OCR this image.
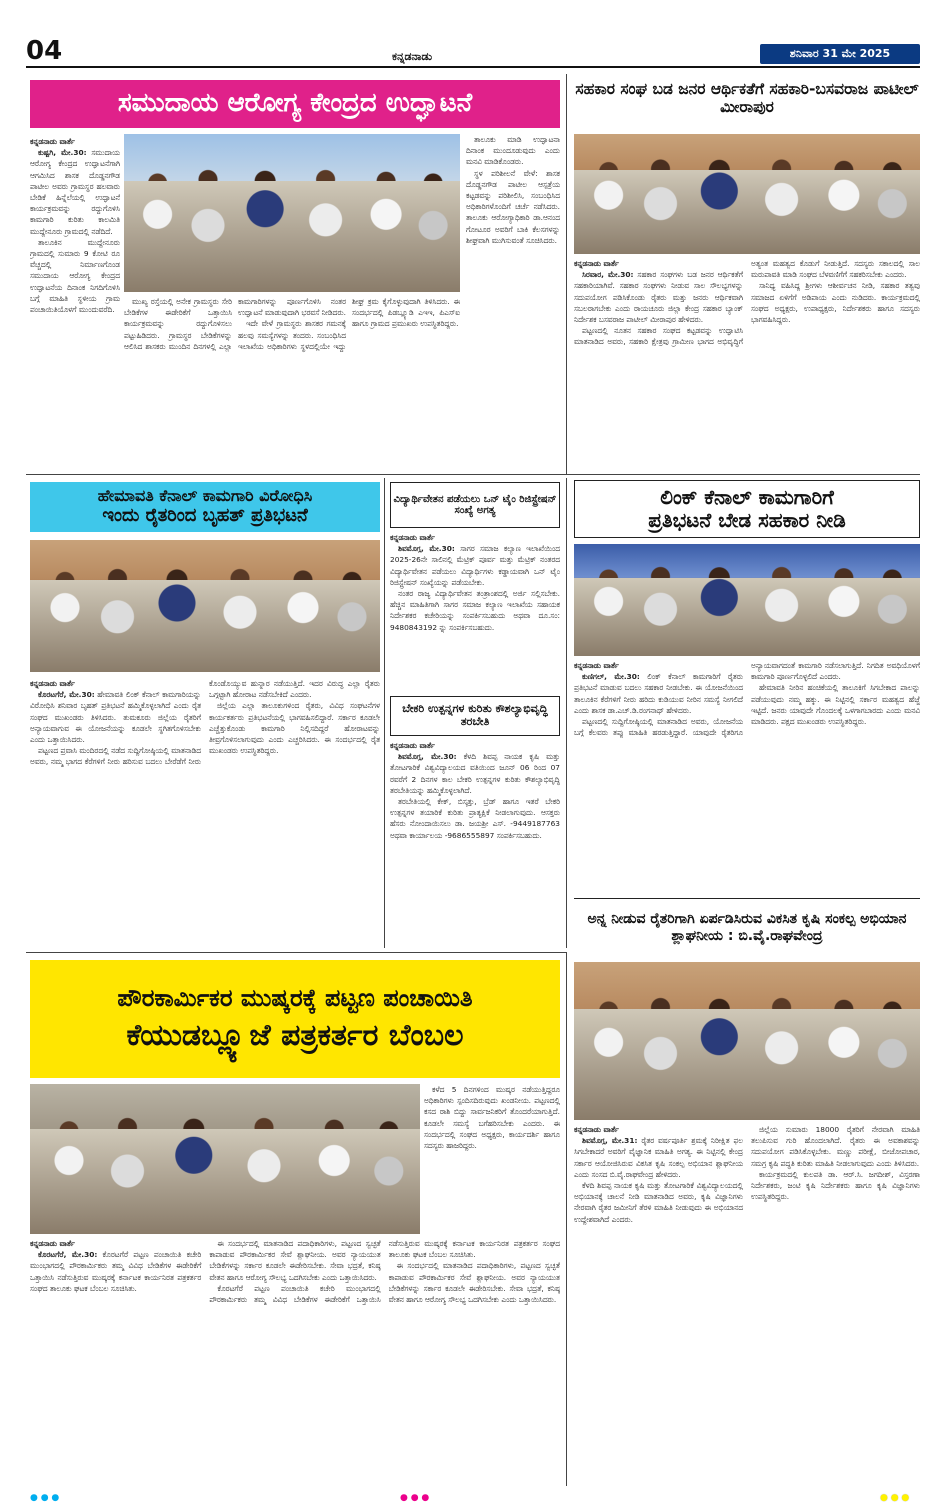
04	ಕನ್ನಡನಾಡು	ಶನಿವಾರ 31 ಮೇ 2025
ಸಮುದಾಯ ಆರೋಗ್ಯ ಕೇಂದ್ರದ ಉದ್ಘಾಟನೆ
ಕನ್ನಡನಾಡು ವಾರ್ತೆ

ಕುಷ್ಟಗಿ, ಮೇ.30: ಸಮುದಾಯ ಆರೋಗ್ಯ ಕೇಂದ್ರದ ಉದ್ಘಾಟನೆಗಾಗಿ ಆಗಮಿಸಿದ ಶಾಸಕ ದೊಡ್ಡನಗೌಡ ಪಾಟೀಲ ಅವರು ಗ್ರಾಮಸ್ಥರ ಹಲವಾರು ಬೇಡಿಕೆ ಹಿನ್ನೆಲೆಯಲ್ಲಿ ಉದ್ಘಾಟನೆ ಕಾರ್ಯಕ್ರಮವನ್ನು ರದ್ದುಗೊಳಿಸಿ ಕಾಮಗಾರಿ ಕುರಿತು ಕಾಲಮಿತಿ ಮುದ್ದೇನೂರು ಗ್ರಾಮದಲ್ಲಿ ನಡೆದಿದೆ.

ತಾಲೂಕಿನ ಮುದ್ದೇನೂರು ಗ್ರಾಮದಲ್ಲಿ ಸುಮಾರು 9 ಕೋಟಿ ರೂ ವೆಚ್ಚದಲ್ಲಿ ನಿರ್ಮಾಣಗೊಂಡ ಸಮುದಾಯ ಆರೋಗ್ಯ ಕೇಂದ್ರದ ಉದ್ಘಾಟನೆಯ ದಿನಾಂಕ ನಿಗದಿಗೊಳಿಸಿ ಬಗ್ಗೆ ಮಾಹಿತಿ ಸ್ಥಳೀಯ ಗ್ರಾಮ ಪಂಚಾಯಿತಿಯೊಳಗೆ ಮುಂದುವರೆದಿ.

ಮುಖ್ಯ ರಸ್ತೆಯಲ್ಲಿ ಅನೇಕ ಗ್ರಾಮಸ್ಥರು ಸೇರಿ ಬೇಡಿಕೆಗಳ ಈಡೇರಿಕೆಗೆ ಒತ್ತಾಯಿಸಿ ಕಾರ್ಯಕ್ರಮವನ್ನು ರದ್ದುಗೊಳಿಸಲು ಪಟ್ಟುಹಿಡಿದರು. ಗ್ರಾಮಸ್ಥರ ಬೇಡಿಕೆಗಳನ್ನು ಆಲಿಸಿದ ಶಾಸಕರು ಮುಂದಿನ ದಿನಗಳಲ್ಲಿ ಎಲ್ಲಾ ಕಾಮಗಾರಿಗಳನ್ನು ಪೂರ್ಣಗೊಳಿಸಿ ನಂತರ ಉದ್ಘಾಟನೆ ಮಾಡುವುದಾಗಿ ಭರವಸೆ ನೀಡಿದರು.

ಇದೇ ವೇಳೆ ಗ್ರಾಮಸ್ಥರು ಶಾಸಕರ ಗಮನಕ್ಕೆ ಹಲವು ಸಮಸ್ಯೆಗಳನ್ನು ತಂದರು. ಸಂಬಂಧಿಸಿದ ಇಲಾಖೆಯ ಅಧಿಕಾರಿಗಳು ಸ್ಥಳದಲ್ಲಿಯೇ ಇದ್ದು ಶೀಘ್ರ ಕ್ರಮ ಕೈಗೊಳ್ಳುವುದಾಗಿ ತಿಳಿಸಿದರು. ಈ ಸಂದರ್ಭದಲ್ಲಿ ಪಿಡಬ್ಲ್ಯೂಡಿ ಎಇಇ, ಪಿಎಸ್ಐ ಹಾಗೂ ಗ್ರಾಮದ ಪ್ರಮುಖರು ಉಪಸ್ಥಿತರಿದ್ದರು.

ತಾಲೂಕು ಮಾಡಿ ಉದ್ಘಾಟನಾ ದಿನಾಂಕ ಮುಂದೂಡುವುದು ಎಂದು ಮನವಿ ಮಾಡಿಕೊಂಡರು.

ಸ್ಥಳ ಪರಿಶೀಲನೆ ವೇಳೆ: ಶಾಸಕ ದೊಡ್ಡನಗೌಡ ಪಾಟೀಲ ಆಸ್ಪತ್ರೆಯ ಕಟ್ಟಡವನ್ನು ಪರಿಶೀಲಿಸಿ, ಸಂಬಂಧಿಸಿದ ಅಧಿಕಾರಿಗಳೊಂದಿಗೆ ಚರ್ಚೆ ನಡೆಸಿದರು. ತಾಲೂಕು ಆರೋಗ್ಯಾಧಿಕಾರಿ ಡಾ.ಆನಂದ ಗೋಟೂರ ಅವರಿಗೆ ಬಾಕಿ ಕೆಲಸಗಳನ್ನು ಶೀಘ್ರವಾಗಿ ಮುಗಿಸುವಂತೆ ಸೂಚಿಸಿದರು.

ಸಹಕಾರ ಸಂಘ ಬಡ ಜನರ ಆರ್ಥಿಕತೆಗೆ ಸಹಕಾರಿ-ಬಸವರಾಜ ಪಾಟೀಲ್ ಮೀರಾಪುರ
ಕನ್ನಡನಾಡು ವಾರ್ತೆ

ಸಿರವಾರ, ಮೇ.30: ಸಹಕಾರ ಸಂಘಗಳು ಬಡ ಜನರ ಆರ್ಥಿಕತೆಗೆ ಸಹಕಾರಿಯಾಗಿವೆ. ಸಹಕಾರ ಸಂಘಗಳು ನೀಡುವ ಸಾಲ ಸೌಲಭ್ಯಗಳನ್ನು ಸದುಪಯೋಗ ಪಡಿಸಿಕೊಂಡು ರೈತರು ಮತ್ತು ಜನರು ಆರ್ಥಿಕವಾಗಿ ಸಬಲರಾಗಬೇಕು ಎಂದು ರಾಯಚೂರು ಜಿಲ್ಲಾ ಕೇಂದ್ರ ಸಹಕಾರ ಬ್ಯಾಂಕ್ ನಿರ್ದೇಶಕ ಬಸವರಾಜ ಪಾಟೀಲ್ ಮೀರಾಪುರ ಹೇಳಿದರು.

ಪಟ್ಟಣದಲ್ಲಿ ನೂತನ ಸಹಕಾರ ಸಂಘದ ಕಟ್ಟಡವನ್ನು ಉದ್ಘಾಟಿಸಿ ಮಾತನಾಡಿದ ಅವರು, ಸಹಕಾರಿ ಕ್ಷೇತ್ರವು ಗ್ರಾಮೀಣ ಭಾಗದ ಅಭಿವೃದ್ಧಿಗೆ ಅತ್ಯಂತ ಮಹತ್ವದ ಕೊಡುಗೆ ನೀಡುತ್ತಿದೆ. ಸದಸ್ಯರು ಸಕಾಲದಲ್ಲಿ ಸಾಲ ಮರುಪಾವತಿ ಮಾಡಿ ಸಂಘದ ಬೆಳವಣಿಗೆಗೆ ಸಹಕರಿಸಬೇಕು ಎಂದರು.

ಸಾನಿಧ್ಯ ವಹಿಸಿದ್ದ ಶ್ರೀಗಳು ಆಶೀರ್ವಚನ ನೀಡಿ, ಸಹಕಾರ ತತ್ವವು ಸಮಾಜದ ಏಳಿಗೆಗೆ ಅಡಿಪಾಯ ಎಂದು ನುಡಿದರು. ಕಾರ್ಯಕ್ರಮದಲ್ಲಿ ಸಂಘದ ಅಧ್ಯಕ್ಷರು, ಉಪಾಧ್ಯಕ್ಷರು, ನಿರ್ದೇಶಕರು ಹಾಗೂ ಸದಸ್ಯರು ಭಾಗವಹಿಸಿದ್ದರು.

ಹೇಮಾವತಿ ಕೆನಾಲ್ ಕಾಮಗಾರಿ ವಿರೋಧಿಸಿ
ಇಂದು ರೈತರಿಂದ ಬೃಹತ್ ಪ್ರತಿಭಟನೆ
ಕನ್ನಡನಾಡು ವಾರ್ತೆ

ಕೊರಟಗೆರೆ, ಮೇ.30: ಹೇಮಾವತಿ ಲಿಂಕ್ ಕೆನಾಲ್ ಕಾಮಗಾರಿಯನ್ನು ವಿರೋಧಿಸಿ ಶನಿವಾರ ಬೃಹತ್ ಪ್ರತಿಭಟನೆ ಹಮ್ಮಿಕೊಳ್ಳಲಾಗಿದೆ ಎಂದು ರೈತ ಸಂಘದ ಮುಖಂಡರು ತಿಳಿಸಿದರು. ತುಮಕೂರು ಜಿಲ್ಲೆಯ ರೈತರಿಗೆ ಅನ್ಯಾಯವಾಗುವ ಈ ಯೋಜನೆಯನ್ನು ಕೂಡಲೇ ಸ್ಥಗಿತಗೊಳಿಸಬೇಕು ಎಂದು ಒತ್ತಾಯಿಸಿದರು.

ಪಟ್ಟಣದ ಪ್ರವಾಸಿ ಮಂದಿರದಲ್ಲಿ ನಡೆದ ಸುದ್ದಿಗೋಷ್ಠಿಯಲ್ಲಿ ಮಾತನಾಡಿದ ಅವರು, ನಮ್ಮ ಭಾಗದ ಕೆರೆಗಳಿಗೆ ನೀರು ಹರಿಸುವ ಬದಲು ಬೇರೆಡೆಗೆ ನೀರು ಕೊಂಡೊಯ್ಯುವ ಹುನ್ನಾರ ನಡೆಯುತ್ತಿದೆ. ಇದರ ವಿರುದ್ಧ ಎಲ್ಲಾ ರೈತರು ಒಗ್ಗಟ್ಟಾಗಿ ಹೋರಾಟ ನಡೆಸಬೇಕಿದೆ ಎಂದರು.

ಜಿಲ್ಲೆಯ ಎಲ್ಲಾ ತಾಲೂಕುಗಳಿಂದ ರೈತರು, ವಿವಿಧ ಸಂಘಟನೆಗಳ ಕಾರ್ಯಕರ್ತರು ಪ್ರತಿಭಟನೆಯಲ್ಲಿ ಭಾಗವಹಿಸಲಿದ್ದಾರೆ. ಸರ್ಕಾರ ಕೂಡಲೇ ಎಚ್ಚೆತ್ತುಕೊಂಡು ಕಾಮಗಾರಿ ನಿಲ್ಲಿಸದಿದ್ದರೆ ಹೋರಾಟವನ್ನು ತೀವ್ರಗೊಳಿಸಲಾಗುವುದು ಎಂದು ಎಚ್ಚರಿಸಿದರು. ಈ ಸಂದರ್ಭದಲ್ಲಿ ರೈತ ಮುಖಂಡರು ಉಪಸ್ಥಿತರಿದ್ದರು.

ವಿದ್ಯಾರ್ಥಿವೇತನ ಪಡೆಯಲು ಒನ್ ಟೈಂ ರಿಜಿಸ್ಟ್ರೇಷನ್ ಸಂಖ್ಯೆ ಅಗತ್ಯ
ಕನ್ನಡನಾಡು ವಾರ್ತೆ

ಶಿವಮೊಗ್ಗ, ಮೇ.30: ಸಾಗರ ಸಮಾಜ ಕಲ್ಯಾಣ ಇಲಾಖೆಯಿಂದ 2025-26ನೇ ಸಾಲಿನಲ್ಲಿ ಮೆಟ್ರಿಕ್ ಪೂರ್ವ ಮತ್ತು ಮೆಟ್ರಿಕ್ ನಂತರದ ವಿದ್ಯಾರ್ಥಿವೇತನ ಪಡೆಯಲು ವಿದ್ಯಾರ್ಥಿಗಳು ಕಡ್ಡಾಯವಾಗಿ ಒನ್ ಟೈಂ ರಿಜಿಸ್ಟ್ರೇಷನ್ ಸಂಖ್ಯೆಯನ್ನು ಪಡೆಯಬೇಕು.

ನಂತರ ರಾಜ್ಯ ವಿದ್ಯಾರ್ಥಿವೇತನ ತಂತ್ರಾಂಶದಲ್ಲಿ ಅರ್ಜಿ ಸಲ್ಲಿಸಬೇಕು. ಹೆಚ್ಚಿನ ಮಾಹಿತಿಗಾಗಿ ಸಾಗರ ಸಮಾಜ ಕಲ್ಯಾಣ ಇಲಾಖೆಯ ಸಹಾಯಕ ನಿರ್ದೇಶಕರ ಕಚೇರಿಯನ್ನು ಸಂಪರ್ಕಿಸಬಹುದು ಅಥವಾ ದೂ.ಸಂ: 9480843192 ನ್ನು ಸಂಪರ್ಕಿಸಬಹುದು.

ಬೇಕರಿ ಉತ್ಪನ್ನಗಳ ಕುರಿತು ಕೌಶಲ್ಯಾಭಿವೃದ್ಧಿ ತರಬೇತಿ
ಕನ್ನಡನಾಡು ವಾರ್ತೆ

ಶಿವಮೊಗ್ಗ, ಮೇ.30: ಕೆಳದಿ ಶಿವಪ್ಪ ನಾಯಕ ಕೃಷಿ ಮತ್ತು ತೋಟಗಾರಿಕೆ ವಿಶ್ವವಿದ್ಯಾಲಯದ ವತಿಯಿಂದ ಜೂನ್ 06 ರಿಂದ 07 ರವರೆಗೆ 2 ದಿನಗಳ ಕಾಲ ಬೇಕರಿ ಉತ್ಪನ್ನಗಳ ಕುರಿತು ಕೌಶಲ್ಯಾಭಿವೃದ್ಧಿ ತರಬೇತಿಯನ್ನು ಹಮ್ಮಿಕೊಳ್ಳಲಾಗಿದೆ.

ತರಬೇತಿಯಲ್ಲಿ ಕೇಕ್, ಬಿಸ್ಕತ್ತು, ಬ್ರೆಡ್ ಹಾಗೂ ಇತರೆ ಬೇಕರಿ ಉತ್ಪನ್ನಗಳ ತಯಾರಿಕೆ ಕುರಿತು ಪ್ರಾತ್ಯಕ್ಷಿಕೆ ನೀಡಲಾಗುವುದು. ಆಸಕ್ತರು ಹೆಸರು ನೋಂದಾಯಿಸಲು ಡಾ. ಜಯಶ್ರೀ ಎಸ್. -9449187763 ಅಥವಾ ಕಾರ್ಯಾಲಯ -9686555897 ಸಂಪರ್ಕಿಸಬಹುದು.

ಲಿಂಕ್ ಕೆನಾಲ್ ಕಾಮಗಾರಿಗೆ
ಪ್ರತಿಭಟನೆ ಬೇಡ ಸಹಕಾರ ನೀಡಿ
ಕನ್ನಡನಾಡು ವಾರ್ತೆ

ಕುಣಿಗಲ್, ಮೇ.30: ಲಿಂಕ್ ಕೆನಾಲ್ ಕಾಮಗಾರಿಗೆ ರೈತರು ಪ್ರತಿಭಟನೆ ಮಾಡುವ ಬದಲು ಸಹಕಾರ ನೀಡಬೇಕು. ಈ ಯೋಜನೆಯಿಂದ ತಾಲೂಕಿನ ಕೆರೆಗಳಿಗೆ ನೀರು ಹರಿದು ಕುಡಿಯುವ ನೀರಿನ ಸಮಸ್ಯೆ ನೀಗಲಿದೆ ಎಂದು ಶಾಸಕ ಡಾ.ಎಚ್.ಡಿ.ರಂಗನಾಥ್ ಹೇಳಿದರು.

ಪಟ್ಟಣದಲ್ಲಿ ಸುದ್ದಿಗೋಷ್ಠಿಯಲ್ಲಿ ಮಾತನಾಡಿದ ಅವರು, ಯೋಜನೆಯ ಬಗ್ಗೆ ಕೆಲವರು ತಪ್ಪು ಮಾಹಿತಿ ಹರಡುತ್ತಿದ್ದಾರೆ. ಯಾವುದೇ ರೈತರಿಗೂ ಅನ್ಯಾಯವಾಗದಂತೆ ಕಾಮಗಾರಿ ನಡೆಸಲಾಗುತ್ತಿದೆ. ನಿಗದಿತ ಅವಧಿಯೊಳಗೆ ಕಾಮಗಾರಿ ಪೂರ್ಣಗೊಳ್ಳಲಿದೆ ಎಂದರು.

ಹೇಮಾವತಿ ನೀರಿನ ಹಂಚಿಕೆಯಲ್ಲಿ ತಾಲೂಕಿಗೆ ಸಿಗಬೇಕಾದ ಪಾಲನ್ನು ಪಡೆಯುವುದು ನಮ್ಮ ಹಕ್ಕು. ಈ ನಿಟ್ಟಿನಲ್ಲಿ ಸರ್ಕಾರ ಮಹತ್ವದ ಹೆಜ್ಜೆ ಇಟ್ಟಿದೆ. ಜನರು ಯಾವುದೇ ಗೊಂದಲಕ್ಕೆ ಒಳಗಾಗಬಾರದು ಎಂದು ಮನವಿ ಮಾಡಿದರು. ಪಕ್ಷದ ಮುಖಂಡರು ಉಪಸ್ಥಿತರಿದ್ದರು.

ಅನ್ನ ನೀಡುವ ರೈತರಿಗಾಗಿ ಏರ್ಪಡಿಸಿರುವ ವಿಕಸಿತ ಕೃಷಿ ಸಂಕಲ್ಪ ಅಭಿಯಾನ ಶ್ಲಾಘನೀಯ : ಬಿ.ವೈ.ರಾಘವೇಂದ್ರ
ಕನ್ನಡನಾಡು ವಾರ್ತೆ

ಶಿವಮೊಗ್ಗ, ಮೇ.31: ರೈತರ ವರ್ಷಪೂರ್ತಿ ಶ್ರಮಕ್ಕೆ ನಿರೀಕ್ಷಿತ ಫಲ ಸಿಗಬೇಕಾದರೆ ಅವರಿಗೆ ವೈಜ್ಞಾನಿಕ ಮಾಹಿತಿ ಅಗತ್ಯ. ಈ ನಿಟ್ಟಿನಲ್ಲಿ ಕೇಂದ್ರ ಸರ್ಕಾರ ಆಯೋಜಿಸಿರುವ ವಿಕಸಿತ ಕೃಷಿ ಸಂಕಲ್ಪ ಅಭಿಯಾನ ಶ್ಲಾಘನೀಯ ಎಂದು ಸಂಸದ ಬಿ.ವೈ.ರಾಘವೇಂದ್ರ ಹೇಳಿದರು.

ಕೆಳದಿ ಶಿವಪ್ಪ ನಾಯಕ ಕೃಷಿ ಮತ್ತು ತೋಟಗಾರಿಕೆ ವಿಶ್ವವಿದ್ಯಾಲಯದಲ್ಲಿ ಅಭಿಯಾನಕ್ಕೆ ಚಾಲನೆ ನೀಡಿ ಮಾತನಾಡಿದ ಅವರು, ಕೃಷಿ ವಿಜ್ಞಾನಿಗಳು ನೇರವಾಗಿ ರೈತರ ಜಮೀನಿಗೆ ತೆರಳಿ ಮಾಹಿತಿ ನೀಡುವುದು ಈ ಅಭಿಯಾನದ ಉದ್ದೇಶವಾಗಿದೆ ಎಂದರು.

ಜಿಲ್ಲೆಯ ಸುಮಾರು 18000 ರೈತರಿಗೆ ನೇರವಾಗಿ ಮಾಹಿತಿ ತಲುಪಿಸುವ ಗುರಿ ಹೊಂದಲಾಗಿದೆ. ರೈತರು ಈ ಅವಕಾಶವನ್ನು ಸದುಪಯೋಗ ಪಡಿಸಿಕೊಳ್ಳಬೇಕು. ಮಣ್ಣು ಪರೀಕ್ಷೆ, ಬೀಜೋಪಚಾರ, ಸಮಗ್ರ ಕೃಷಿ ಪದ್ಧತಿ ಕುರಿತು ಮಾಹಿತಿ ನೀಡಲಾಗುವುದು ಎಂದು ತಿಳಿಸಿದರು.

ಕಾರ್ಯಕ್ರಮದಲ್ಲಿ ಕುಲಪತಿ ಡಾ. ಆರ್.ಸಿ. ಜಗದೀಶ್, ವಿಸ್ತರಣಾ ನಿರ್ದೇಶಕರು, ಜಂಟಿ ಕೃಷಿ ನಿರ್ದೇಶಕರು ಹಾಗೂ ಕೃಷಿ ವಿಜ್ಞಾನಿಗಳು ಉಪಸ್ಥಿತರಿದ್ದರು.

ಪೌರಕಾರ್ಮಿಕರ ಮುಷ್ಕರಕ್ಕೆ ಪಟ್ಟಣ ಪಂಚಾಯಿತಿ
ಕೆಯುಡಬ್ಲ್ಯೂಜೆ ಪತ್ರಕರ್ತರ ಬೆಂಬಲ

ಕಳೆದ 5 ದಿನಗಳಿಂದ ಮುಷ್ಕರ ನಡೆಯುತ್ತಿದ್ದರೂ ಅಧಿಕಾರಿಗಳು ಸ್ಪಂದಿಸದಿರುವುದು ಖಂಡನೀಯ. ಪಟ್ಟಣದಲ್ಲಿ ಕಸದ ರಾಶಿ ಬಿದ್ದು ಸಾರ್ವಜನಿಕರಿಗೆ ತೊಂದರೆಯಾಗುತ್ತಿದೆ. ಕೂಡಲೇ ಸಮಸ್ಯೆ ಬಗೆಹರಿಸಬೇಕು ಎಂದರು. ಈ ಸಂದರ್ಭದಲ್ಲಿ ಸಂಘದ ಅಧ್ಯಕ್ಷರು, ಕಾರ್ಯದರ್ಶಿ ಹಾಗೂ ಸದಸ್ಯರು ಹಾಜರಿದ್ದರು.

ಕನ್ನಡನಾಡು ವಾರ್ತೆ

ಕೊರಟಗೆರೆ, ಮೇ.30: ಕೊರಟಗೆರೆ ಪಟ್ಟಣ ಪಂಚಾಯಿತಿ ಕಚೇರಿ ಮುಂಭಾಗದಲ್ಲಿ ಪೌರಕಾರ್ಮಿಕರು ತಮ್ಮ ವಿವಿಧ ಬೇಡಿಕೆಗಳ ಈಡೇರಿಕೆಗೆ ಒತ್ತಾಯಿಸಿ ನಡೆಸುತ್ತಿರುವ ಮುಷ್ಕರಕ್ಕೆ ಕರ್ನಾಟಕ ಕಾರ್ಯನಿರತ ಪತ್ರಕರ್ತರ ಸಂಘದ ತಾಲೂಕು ಘಟಕ ಬೆಂಬಲ ಸೂಚಿಸಿತು.

ಈ ಸಂದರ್ಭದಲ್ಲಿ ಮಾತನಾಡಿದ ಪದಾಧಿಕಾರಿಗಳು, ಪಟ್ಟಣದ ಸ್ವಚ್ಛತೆ ಕಾಪಾಡುವ ಪೌರಕಾರ್ಮಿಕರ ಸೇವೆ ಶ್ಲಾಘನೀಯ. ಅವರ ನ್ಯಾಯಯುತ ಬೇಡಿಕೆಗಳನ್ನು ಸರ್ಕಾರ ಕೂಡಲೇ ಈಡೇರಿಸಬೇಕು. ಸೇವಾ ಭದ್ರತೆ, ಕನಿಷ್ಠ ವೇತನ ಹಾಗೂ ಆರೋಗ್ಯ ಸೌಲಭ್ಯ ಒದಗಿಸಬೇಕು ಎಂದು ಒತ್ತಾಯಿಸಿದರು.

ಕೊರಟಗೆರೆ ಪಟ್ಟಣ ಪಂಚಾಯಿತಿ ಕಚೇರಿ ಮುಂಭಾಗದಲ್ಲಿ ಪೌರಕಾರ್ಮಿಕರು ತಮ್ಮ ವಿವಿಧ ಬೇಡಿಕೆಗಳ ಈಡೇರಿಕೆಗೆ ಒತ್ತಾಯಿಸಿ ನಡೆಸುತ್ತಿರುವ ಮುಷ್ಕರಕ್ಕೆ ಕರ್ನಾಟಕ ಕಾರ್ಯನಿರತ ಪತ್ರಕರ್ತರ ಸಂಘದ ತಾಲೂಕು ಘಟಕ ಬೆಂಬಲ ಸೂಚಿಸಿತು.

ಈ ಸಂದರ್ಭದಲ್ಲಿ ಮಾತನಾಡಿದ ಪದಾಧಿಕಾರಿಗಳು, ಪಟ್ಟಣದ ಸ್ವಚ್ಛತೆ ಕಾಪಾಡುವ ಪೌರಕಾರ್ಮಿಕರ ಸೇವೆ ಶ್ಲಾಘನೀಯ. ಅವರ ನ್ಯಾಯಯುತ ಬೇಡಿಕೆಗಳನ್ನು ಸರ್ಕಾರ ಕೂಡಲೇ ಈಡೇರಿಸಬೇಕು. ಸೇವಾ ಭದ್ರತೆ, ಕನಿಷ್ಠ ವೇತನ ಹಾಗೂ ಆರೋಗ್ಯ ಸೌಲಭ್ಯ ಒದಗಿಸಬೇಕು ಎಂದು ಒತ್ತಾಯಿಸಿದರು.

● ● ●	● ● ●	● ● ●
